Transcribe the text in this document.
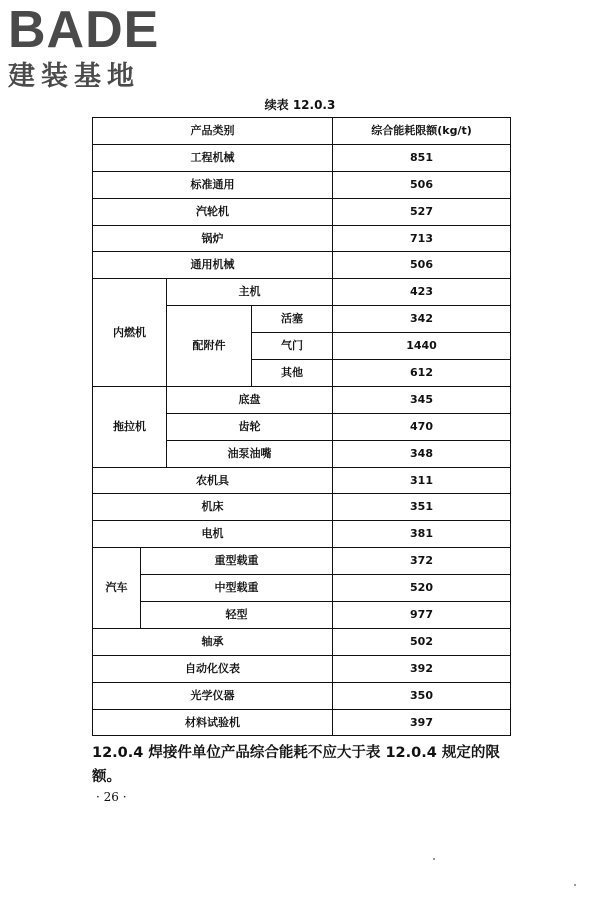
BADE
建装基地
续表 12.0.3
产品类别				综合能耗限额(kg/t)
工程机械				851
标准通用				506
汽轮机				527
锅炉				713
通用机械				506
内燃机		主机		423
		配附件	活塞	342
			气门	1440
			其他	612
拖拉机		底盘		345
		齿轮		470
		油泵油嘴		348
农机具				311
机床				351
电机				381
汽车	重型载重			372
	中型载重			520
	轻型			977
轴承				502
自动化仪表				392
光学仪器				350
材料试验机				397
12.0.4 焊接件单位产品综合能耗不应大于表 12.0.4 规定的限额。
· 26 ·
